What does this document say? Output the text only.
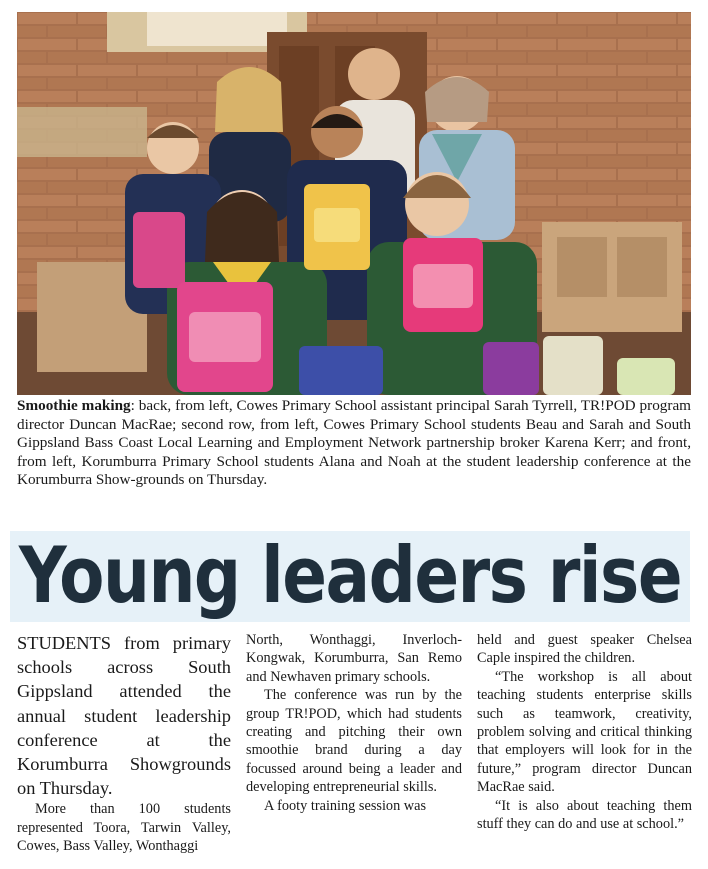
Smoothie making: back, from left, Cowes Primary School assistant principal Sarah Tyrrell, TR!POD program director Duncan MacRae; second row, from left, Cowes Primary School students Beau and Sarah and South Gippsland Bass Coast Local Learning and Employment Network partnership broker Karena Kerr; and front, from left, Korumburra Primary School students Alana and Noah at the student leadership conference at the Korumburra Show-grounds on Thursday.

Young leaders rise

STUDENTS from primary schools across South Gippsland attended the annual student leadership conference at the Korumburra Showgrounds on Thursday.

More than 100 students represented Toora, Tarwin Valley, Cowes, Bass Valley, Wonthaggi

North, Wonthaggi, Inverloch-Kongwak, Korumburra, San Remo and Newhaven primary schools.

The conference was run by the group TR!POD, which had students creating and pitching their own smoothie brand during a day focussed around being a leader and developing entrepreneurial skills.

A footy training session was

held and guest speaker Chelsea Caple inspired the children.

“The workshop is all about teaching students enterprise skills such as teamwork, creativity, problem solving and critical thinking that employers will look for in the future,” program director Duncan MacRae said.

“It is also about teaching them stuff they can do and use at school.”
